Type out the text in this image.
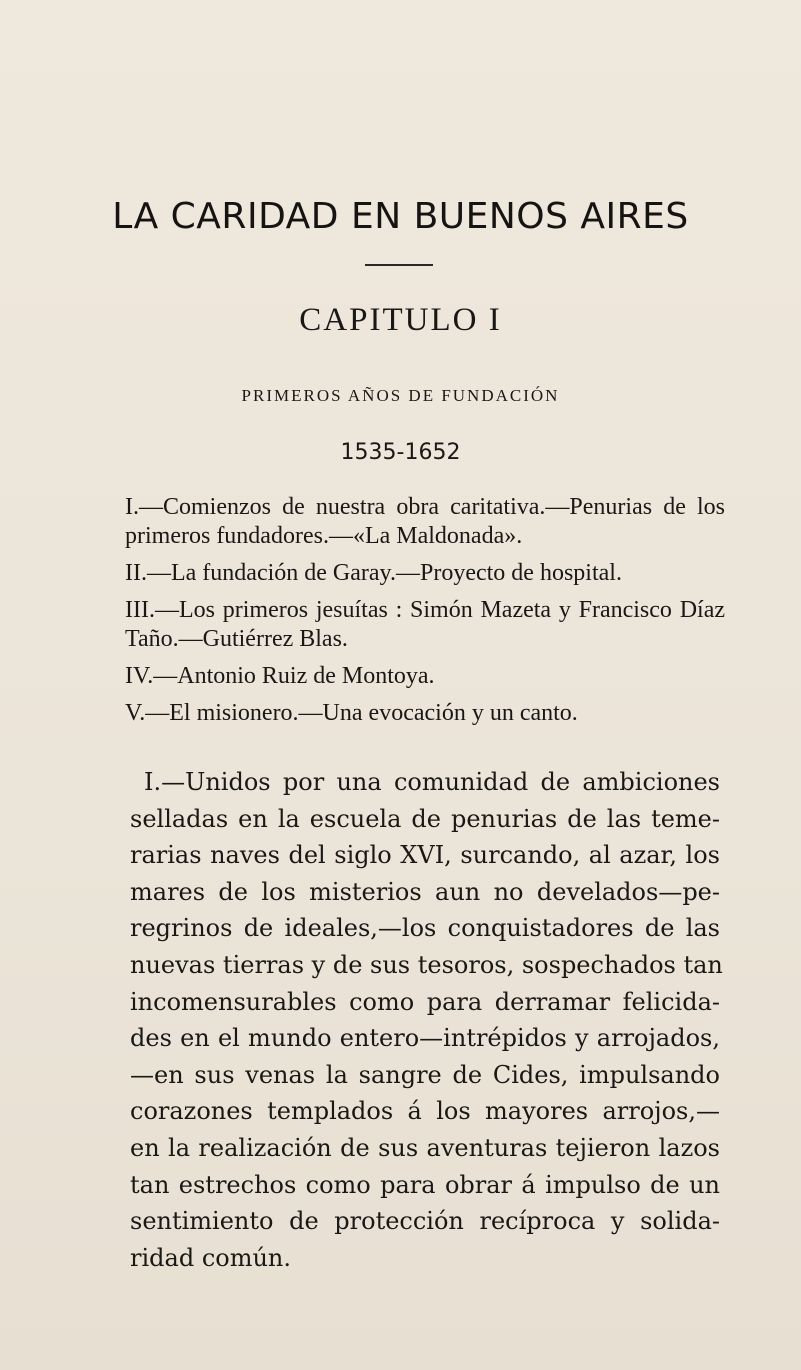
LA CARIDAD EN BUENOS AIRES
CAPITULO I
PRIMEROS AÑOS DE FUNDACIÓN
1535-1652

I.—Comienzos de nuestra obra caritativa.—Penurias de los primeros fundadores.—«La Maldonada».

II.—La fundación de Garay.—Proyecto de hospital.

III.—Los primeros jesuítas : Simón Mazeta y Francisco Díaz Taño.—Gutiérrez Blas.

IV.—Antonio Ruiz de Montoya.

V.—El misionero.—Una evocación y un canto.

I.—Unidos por una comunidad de ambiciones
selladas en la escuela de penurias de las teme-
rarias naves del siglo XVI, surcando, al azar, los
mares de los misterios aun no develados—pe-
regrinos de ideales,—los conquistadores de las
nuevas tierras y de sus tesoros, sospechados tan
incomensurables como para derramar felicida-
des en el mundo entero—intrépidos y arrojados,
—en sus venas la sangre de Cides, impulsando
corazones templados á los mayores arrojos,—
en la realización de sus aventuras tejieron lazos
tan estrechos como para obrar á impulso de un
sentimiento de protección recíproca y solida-
ridad común.
